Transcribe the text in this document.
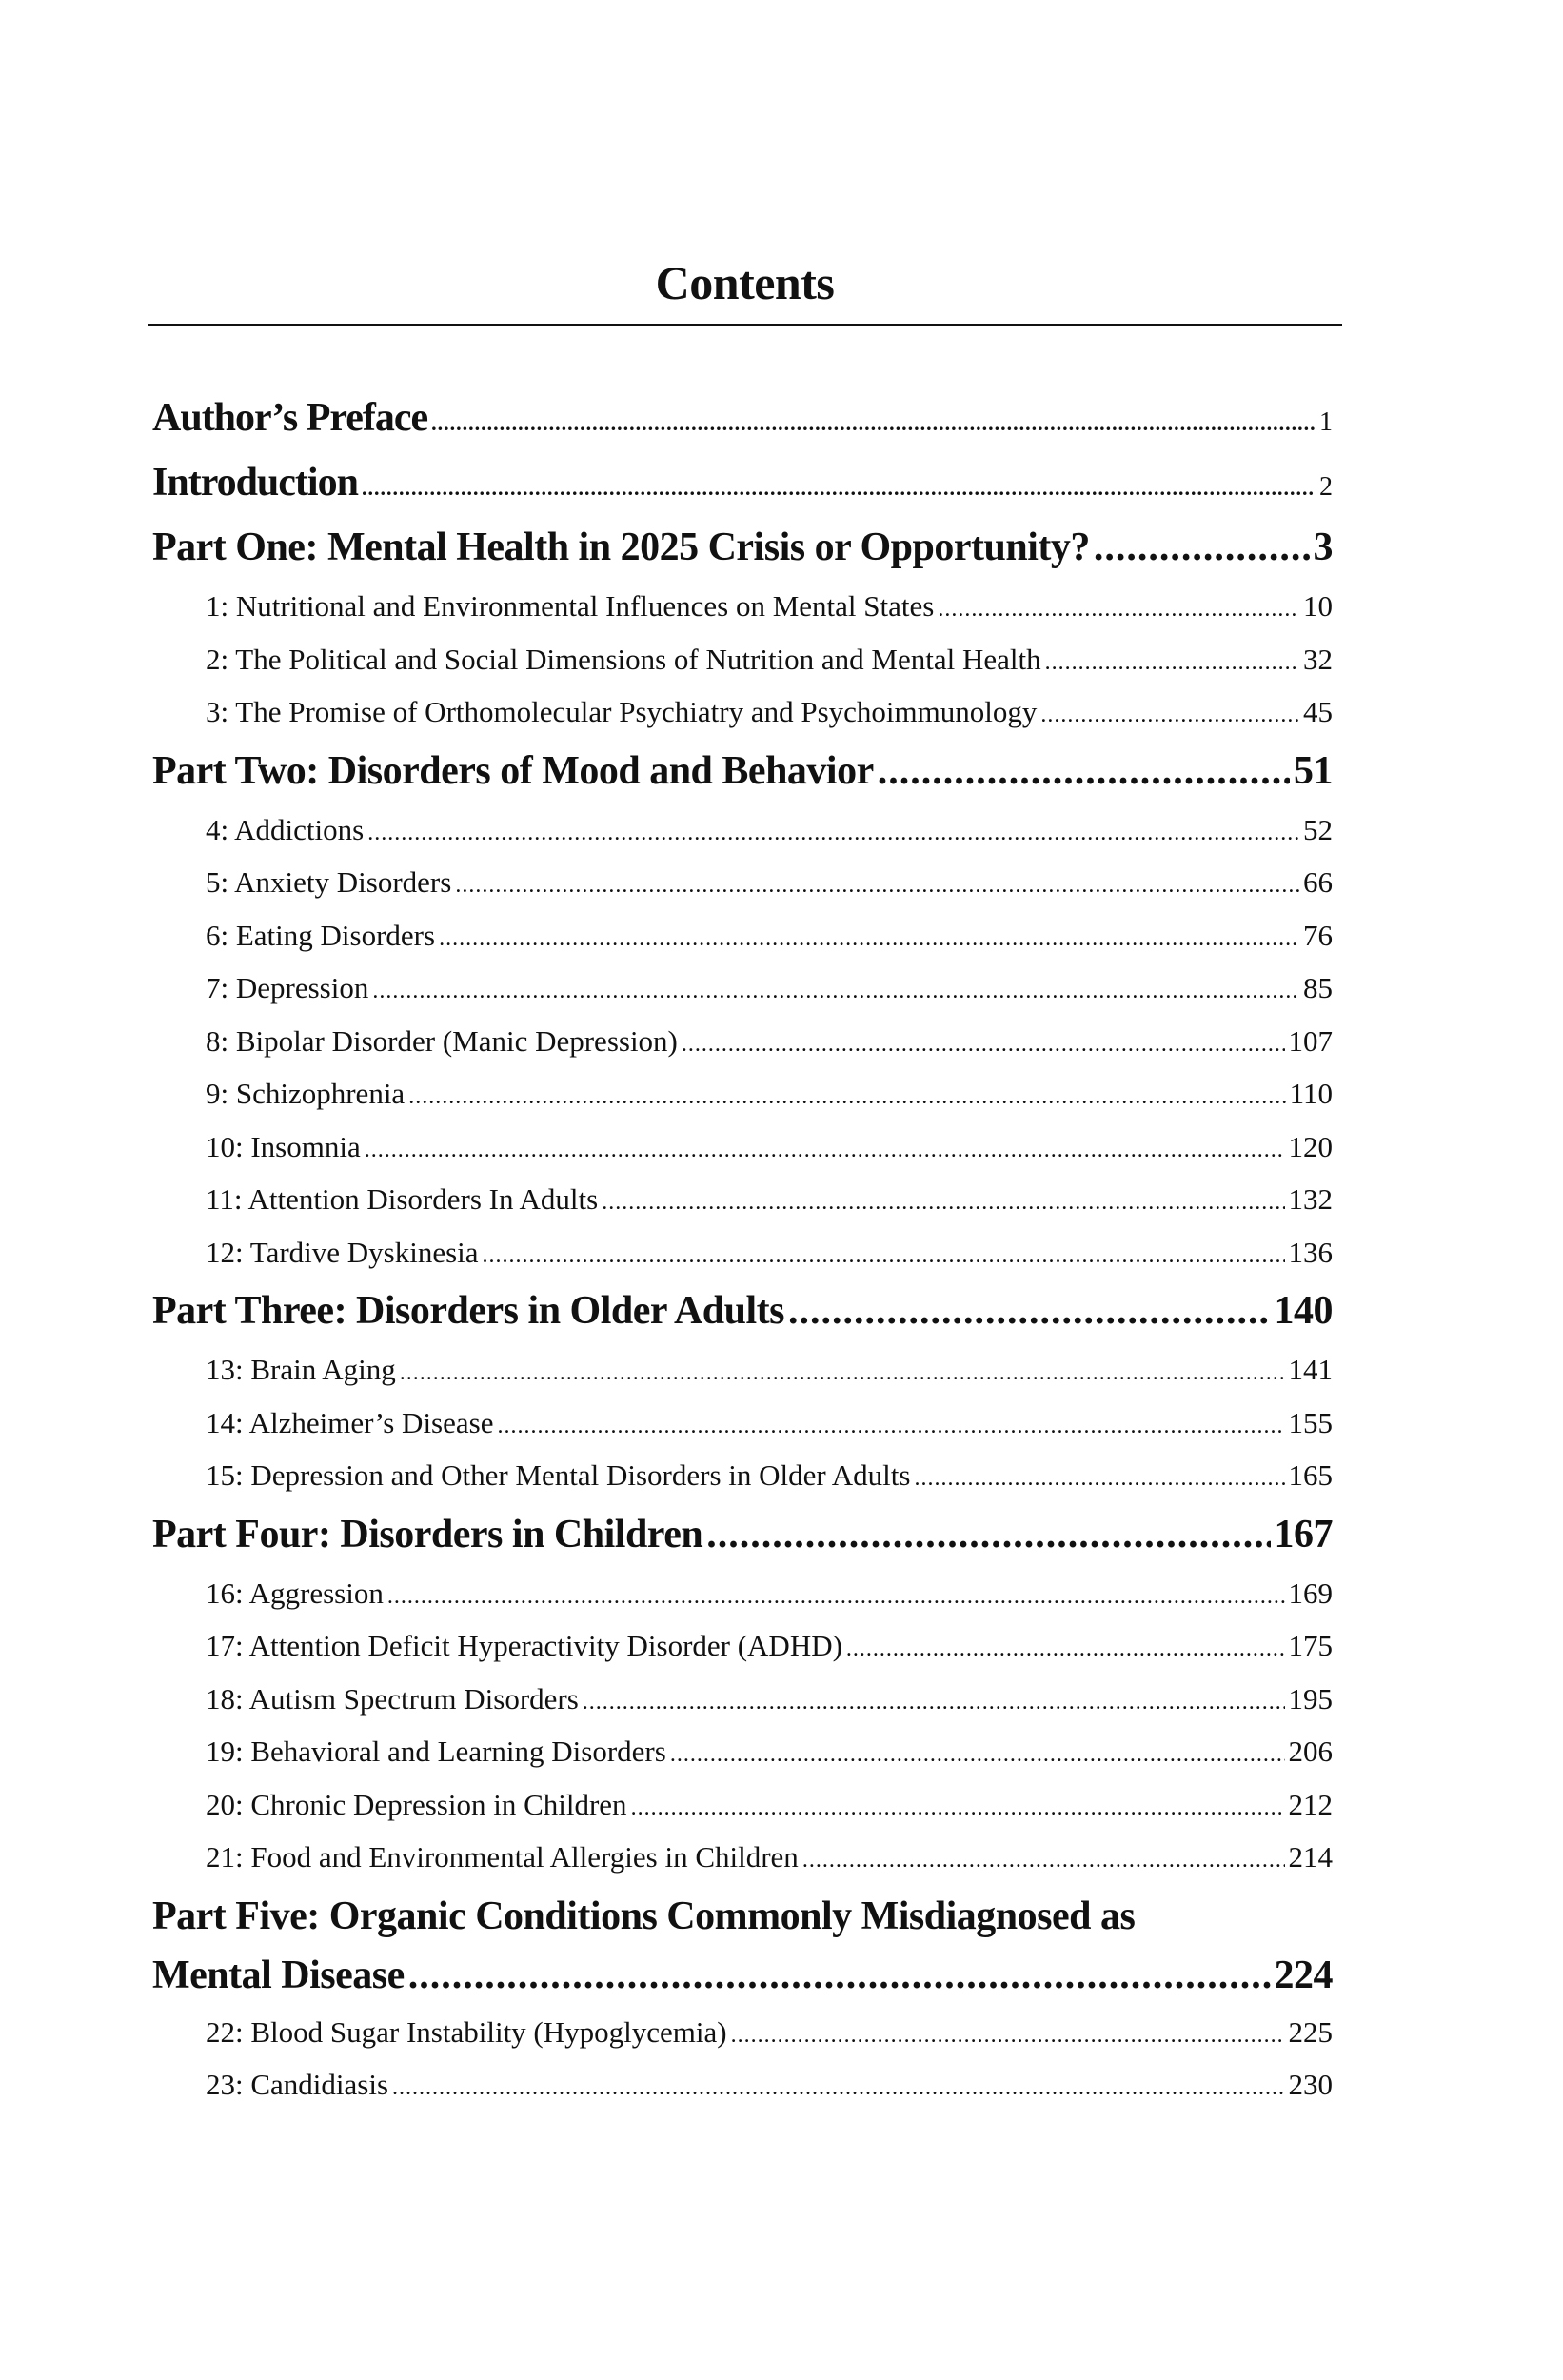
Contents
Author’s Preface .....	1
Introduction .....	2
Part One: Mental Health in 2025 Crisis or Opportunity? .....	3
1: Nutritional and Environmental Influences on Mental States .....	10
2: The Political and Social Dimensions of Nutrition and Mental Health .....	32
3: The Promise of Orthomolecular Psychiatry and Psychoimmunology .....	45
Part Two: Disorders of Mood and Behavior .....	51
4: Addictions .....	52
5: Anxiety Disorders .....	66
6: Eating Disorders .....	76
7: Depression .....	85
8: Bipolar Disorder (Manic Depression) .....	107
9: Schizophrenia .....	110
10: Insomnia .....	120
11: Attention Disorders In Adults .....	132
12: Tardive Dyskinesia .....	136
Part Three: Disorders in Older Adults .....	140
13: Brain Aging .....	141
14: Alzheimer’s Disease .....	155
15: Depression and Other Mental Disorders in Older Adults .....	165
Part Four: Disorders in Children .....	167
16: Aggression .....	169
17: Attention Deficit Hyperactivity Disorder (ADHD) .....	175
18: Autism Spectrum Disorders .....	195
19: Behavioral and Learning Disorders .....	206
20: Chronic Depression in Children .....	212
21: Food and Environmental Allergies in Children .....	214
Part Five: Organic Conditions Commonly Misdiagnosed as
Mental Disease .....	224
22: Blood Sugar Instability (Hypoglycemia) .....	225
23: Candidiasis .....	230
